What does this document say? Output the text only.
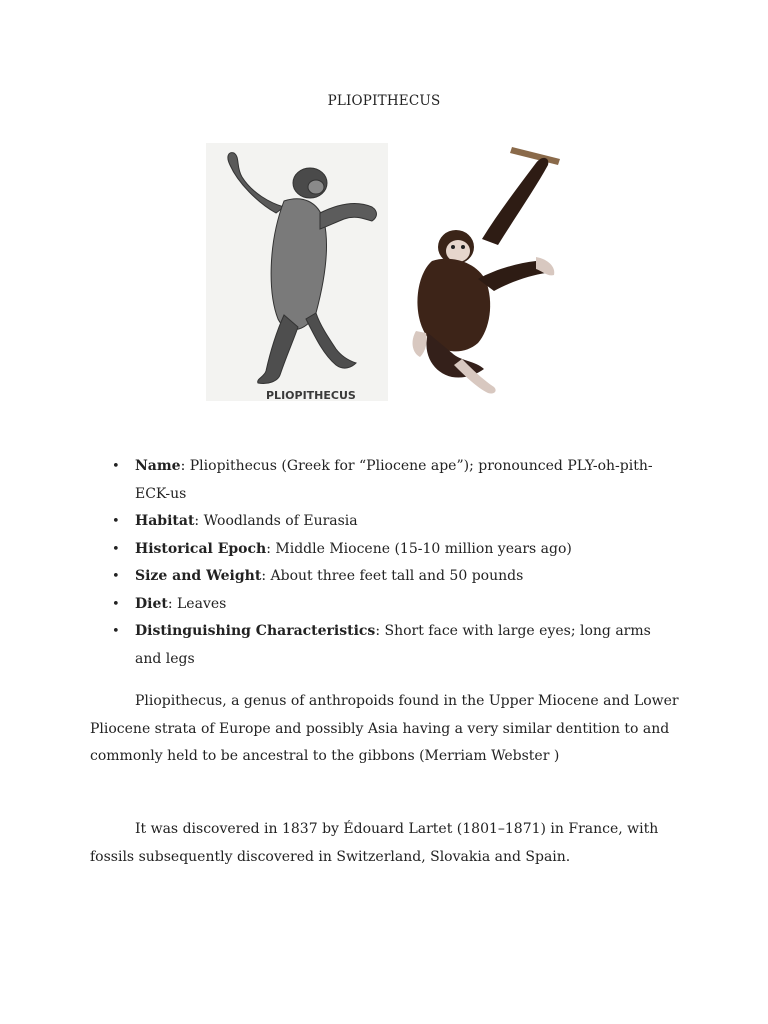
PLIOPITHECUS
PLIOPITHECUS
• Name: Pliopithecus (Greek for “Pliocene ape”); pronounced PLY-oh-pith-ECK-us
• Habitat: Woodlands of Eurasia
• Historical Epoch: Middle Miocene (15-10 million years ago)
• Size and Weight: About three feet tall and 50 pounds
• Diet: Leaves
• Distinguishing Characteristics: Short face with large eyes; long arms and legs

Pliopithecus, a genus of anthropoids found in the Upper Miocene and Lower Pliocene strata of Europe and possibly Asia having a very similar dentition to and commonly held to be ancestral to the gibbons (Merriam Webster )

It was discovered in 1837 by Édouard Lartet (1801–1871) in France, with fossils subsequently discovered in Switzerland, Slovakia and Spain.
